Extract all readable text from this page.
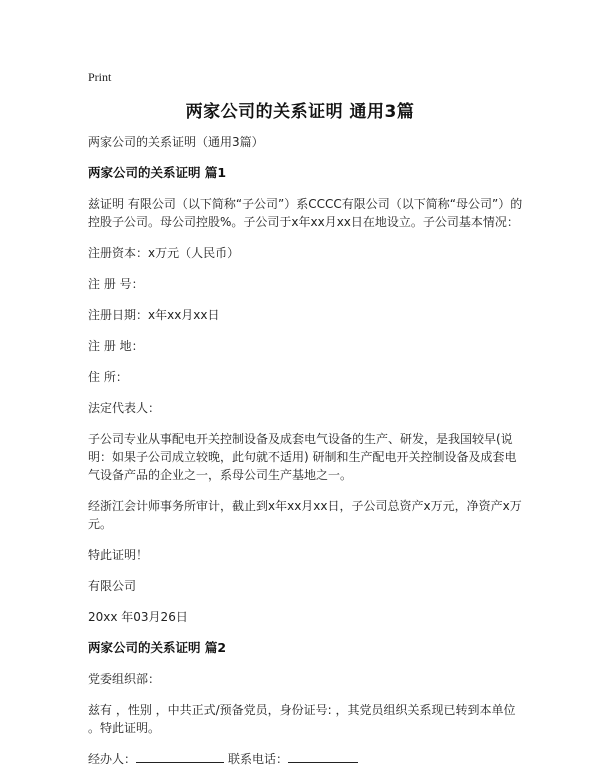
Print
两家公司的关系证明 通用3篇

两家公司的关系证明（通用3篇）

两家公司的关系证明 篇1

兹证明 有限公司（以下简称“子公司”）系CCCC有限公司（以下简称“母公司”）的

控股子公司。母公司控股%。子公司于x年xx月xx日在地设立。子公司基本情况：

注册资本：x万元（人民币）

注 册 号：

注册日期：x年xx月xx日

注 册 地：

住 所：

法定代表人：

子公司专业从事配电开关控制设备及成套电气设备的生产、研发，是我国较早(说

明：如果子公司成立较晚，此句就不适用) 研制和生产配电开关控制设备及成套电

气设备产品的企业之一，系母公司生产基地之一。

经浙江会计师事务所审计，截止到x年xx月xx日，子公司总资产x万元，净资产x万

元。

特此证明！

有限公司

20xx 年03月26日

两家公司的关系证明 篇2

党委组织部：

兹有 ，性别 ，中共正式/预备党员，身份证号: ，其党员组织关系现已转到本单位

。特此证明。

经办人：	联系电话：
